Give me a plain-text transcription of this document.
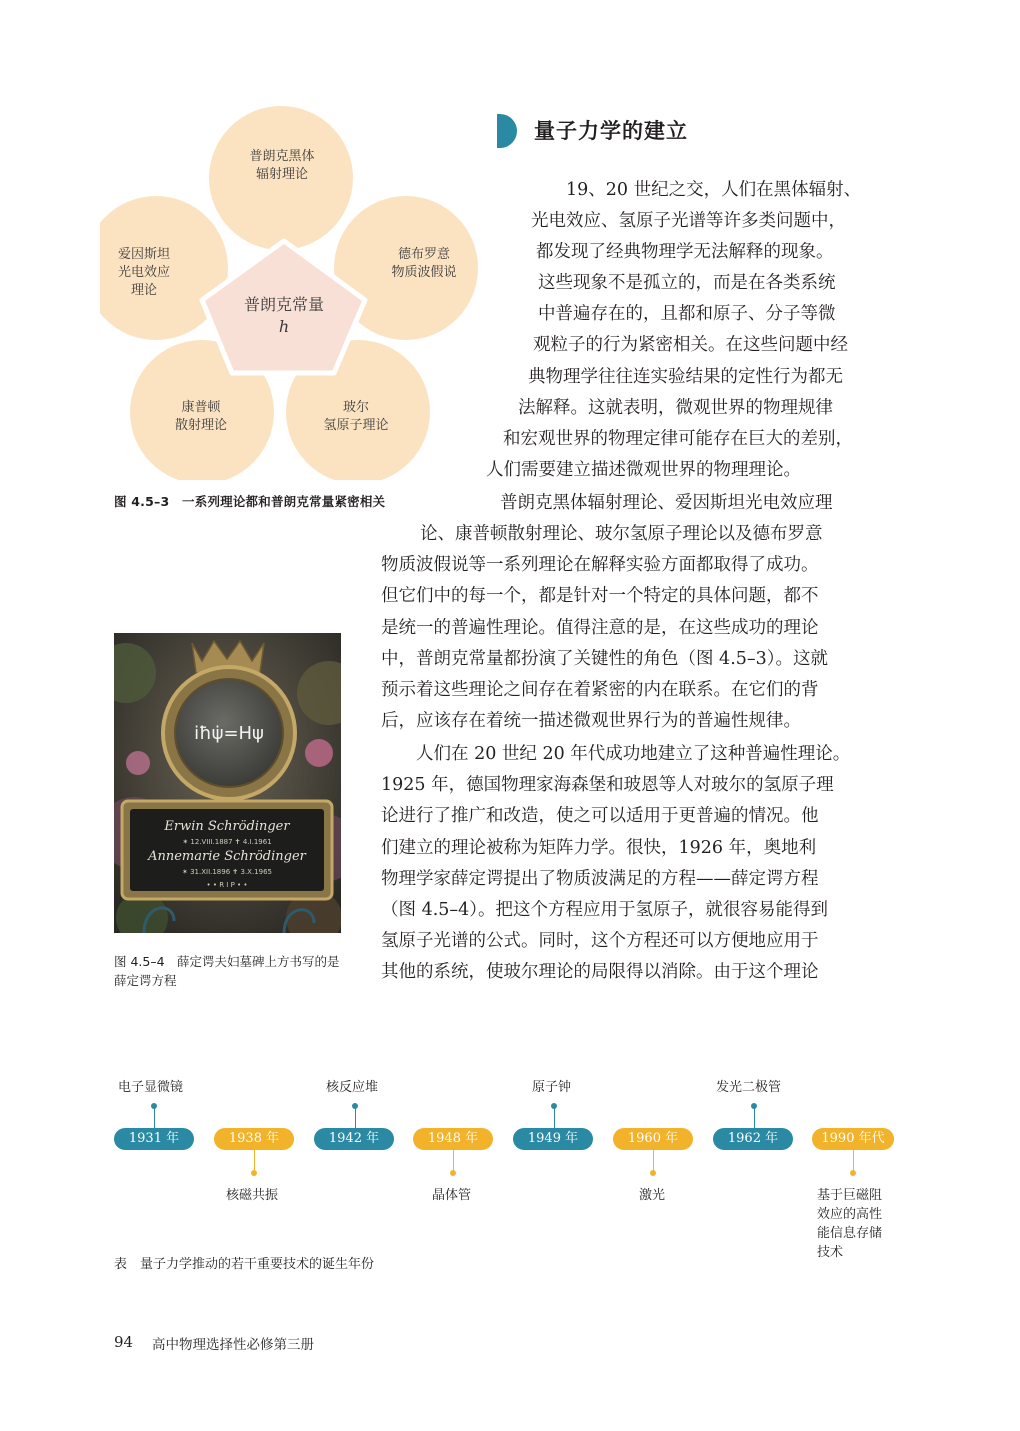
普朗克常量
h
普朗克黑体
辐射理论
德布罗意
物质波假说
玻尔
氢原子理论
康普顿
散射理论
爱因斯坦
光电效应
理论
图 4.5–3　一系列理论都和普朗克常量紧密相关
量子力学的建立
19、20 世纪之交，人们在黑体辐射、
光电效应、氢原子光谱等许多类问题中，
都发现了经典物理学无法解释的现象。
这些现象不是孤立的，而是在各类系统
中普遍存在的，且都和原子、分子等微
观粒子的行为紧密相关。在这些问题中经
典物理学往往连实验结果的定性行为都无
法解释。这就表明，微观世界的物理规律
和宏观世界的物理定律可能存在巨大的差别，
人们需要建立描述微观世界的物理理论。
普朗克黑体辐射理论、爱因斯坦光电效应理
论、康普顿散射理论、玻尔氢原子理论以及德布罗意
物质波假说等一系列理论在解释实验方面都取得了成功。
但它们中的每一个，都是针对一个特定的具体问题，都不
是统一的普遍性理论。值得注意的是，在这些成功的理论
中，普朗克常量都扮演了关键性的角色（图 4.5–3）。这就
预示着这些理论之间存在着紧密的内在联系。在它们的背
后，应该存在着统一描述微观世界行为的普遍性规律。
人们在 20 世纪 20 年代成功地建立了这种普遍性理论。
1925 年，德国物理家海森堡和玻恩等人对玻尔的氢原子理
论进行了推广和改造，使之可以适用于更普遍的情况。他
们建立的理论被称为矩阵力学。很快，1926 年，奥地利
物理学家薛定谔提出了物质波满足的方程——薛定谔方程
（图 4.5–4）。把这个方程应用于氢原子，就很容易能得到
氢原子光谱的公式。同时，这个方程还可以方便地应用于
其他的系统，使玻尔理论的局限得以消除。由于这个理论
iħψ̇=Hψ
Erwin Schrödinger
✶ 12.VIII.1887 ✝ 4.I.1961
Annemarie Schrödinger
✶ 31.XII.1896 ✝ 3.X.1965
• • R I P • •
图 4.5–4　薛定谔夫妇墓碑上方书写的是薛定谔方程
电子显微镜	核反应堆	原子钟	发光二极管
1931 年	1938 年	1942 年	1948 年	1949 年	1960 年	1962 年	1990 年代
核磁共振	晶体管	激光	基于巨磁阻
效应的高性
能信息存储
技术
表　量子力学推动的若干重要技术的诞生年份
94 高中物理选择性必修第三册
